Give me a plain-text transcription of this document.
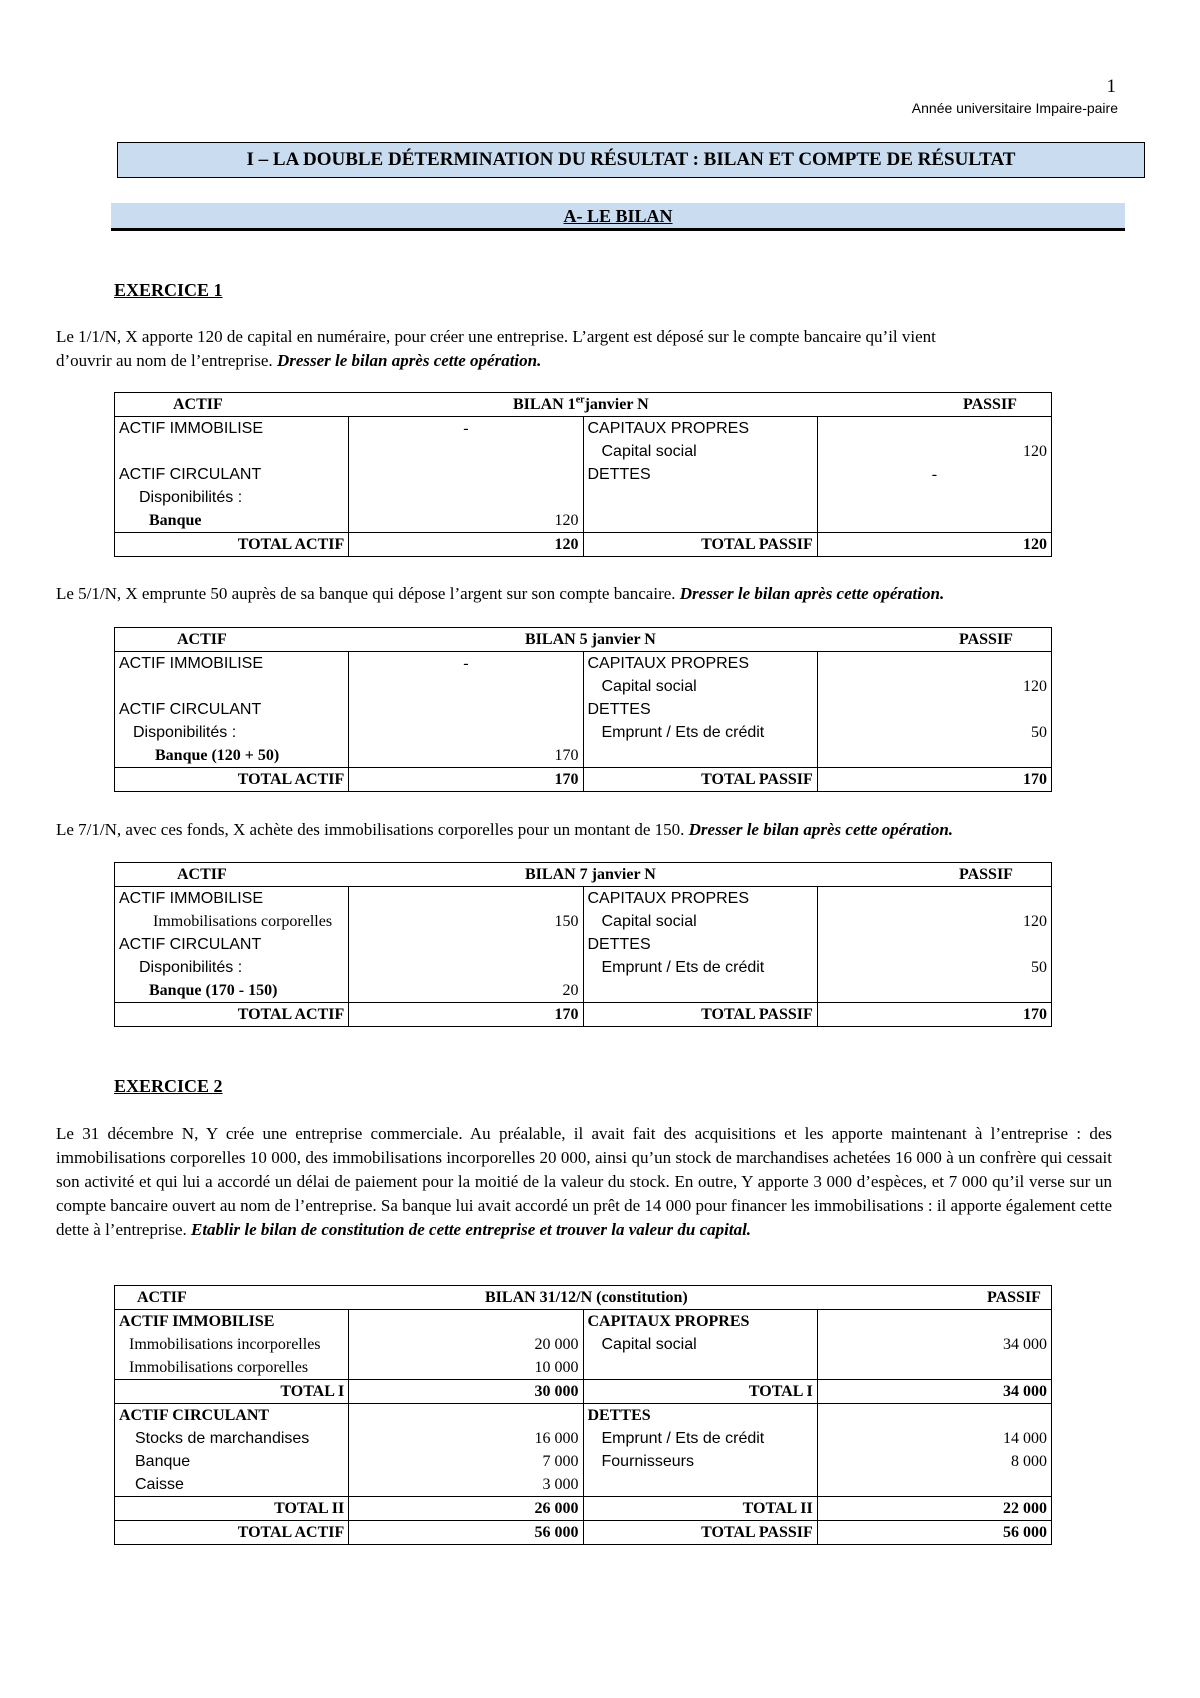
1
Année universitaire Impaire-paire
I – LA DOUBLE DÉTERMINATION DU RÉSULTAT : BILAN ET COMPTE DE RÉSULTAT
A- LE BILAN
EXERCICE 1
Le 1/1/N, X apporte 120 de capital en numéraire, pour créer une entreprise. L’argent est déposé sur le compte bancaire qu’il vient
d’ouvrir au nom de l’entreprise. Dresser le bilan après cette opération.
ACTIF BILAN 1erjanvier N PASSIF			

ACTIF IMMOBILISE	-	CAPITAUX PROPRES	
		Capital social	120
ACTIF CIRCULANT		DETTES	-
Disponibilités :			
Banque	120		
TOTAL ACTIF	120	TOTAL PASSIF	120
Le 5/1/N, X emprunte 50 auprès de sa banque qui dépose l’argent sur son compte bancaire. Dresser le bilan après cette opération.
ACTIF BILAN 5 janvier N PASSIF			

ACTIF IMMOBILISE	-	CAPITAUX PROPRES	
		Capital social	120
ACTIF CIRCULANT		DETTES	
Disponibilités :		Emprunt / Ets de crédit	50
Banque (120 + 50)	170		
TOTAL ACTIF	170	TOTAL PASSIF	170
Le 7/1/N, avec ces fonds, X achète des immobilisations corporelles pour un montant de 150. Dresser le bilan après cette opération.
ACTIF BILAN 7 janvier N PASSIF			

ACTIF IMMOBILISE		CAPITAUX PROPRES	
Immobilisations corporelles	150	Capital social	120
ACTIF CIRCULANT		DETTES	
Disponibilités :		Emprunt / Ets de crédit	50
Banque (170 - 150)	20		
TOTAL ACTIF	170	TOTAL PASSIF	170
EXERCICE 2
Le 31 décembre N, Y crée une entreprise commerciale. Au préalable, il avait fait des acquisitions et les apporte maintenant à l’entreprise : des immobilisations corporelles 10 000, des immobilisations incorporelles 20 000, ainsi qu’un stock de marchandises achetées 16 000 à un confrère qui cessait son activité et qui lui a accordé un délai de paiement pour la moitié de la valeur du stock. En outre, Y apporte 3 000 d’espèces, et 7 000 qu’il verse sur un compte bancaire ouvert au nom de l’entreprise. Sa banque lui avait accordé un prêt de 14 000 pour financer les immobilisations : il apporte également cette dette à l’entreprise. Etablir le bilan de constitution de cette entreprise et trouver la valeur du capital.
ACTIF BILAN 31/12/N (constitution) PASSIF			

ACTIF IMMOBILISE		CAPITAUX PROPRES	
Immobilisations incorporelles	20 000	Capital social	34 000
Immobilisations corporelles	10 000		
TOTAL I	30 000	TOTAL I	34 000
ACTIF CIRCULANT		DETTES	
Stocks de marchandises	16 000	Emprunt / Ets de crédit	14 000
Banque	7 000	Fournisseurs	8 000
Caisse	3 000		
TOTAL II	26 000	TOTAL II	22 000
TOTAL ACTIF	56 000	TOTAL PASSIF	56 000
